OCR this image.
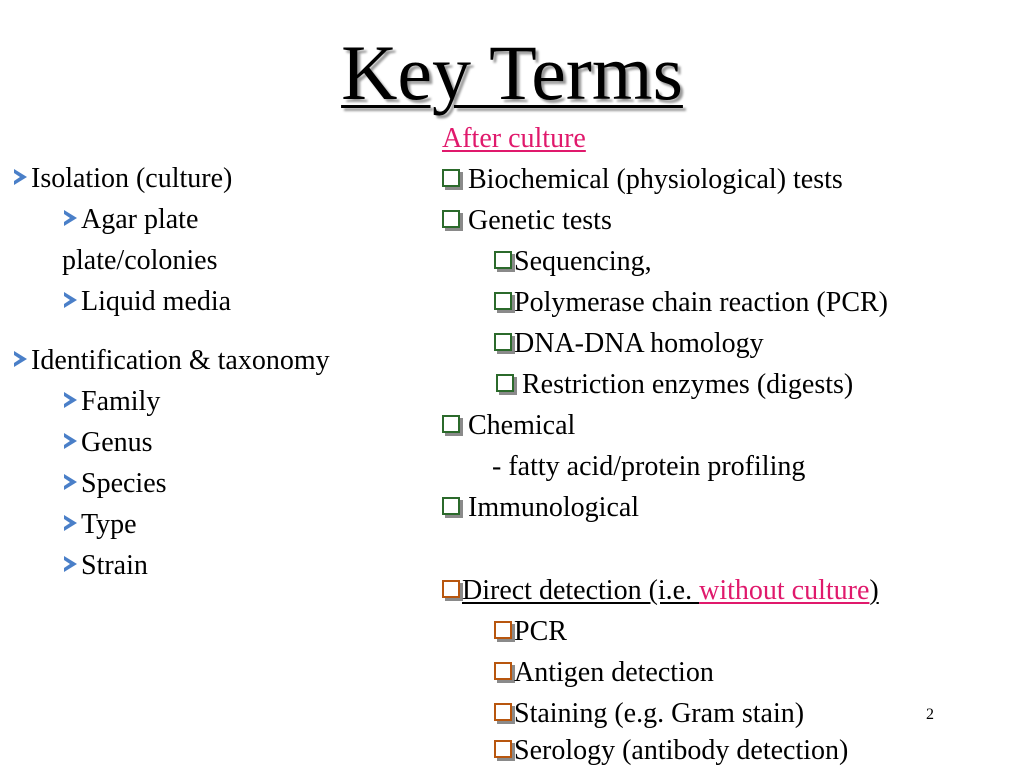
Key Terms
Isolation (culture)
Agar plate
plate/colonies
Liquid media
Identification & taxonomy
Family
Genus
Species
Type
Strain
After culture
Biochemical (physiological) tests
Genetic tests
Sequencing,
Polymerase chain reaction (PCR)
DNA-DNA homology
Restriction enzymes (digests)
Chemical
- fatty acid/protein profiling
Immunological
Direct detection (i.e. without culture)
PCR
Antigen detection
Staining (e.g. Gram stain)
Serology (antibody detection)
2
